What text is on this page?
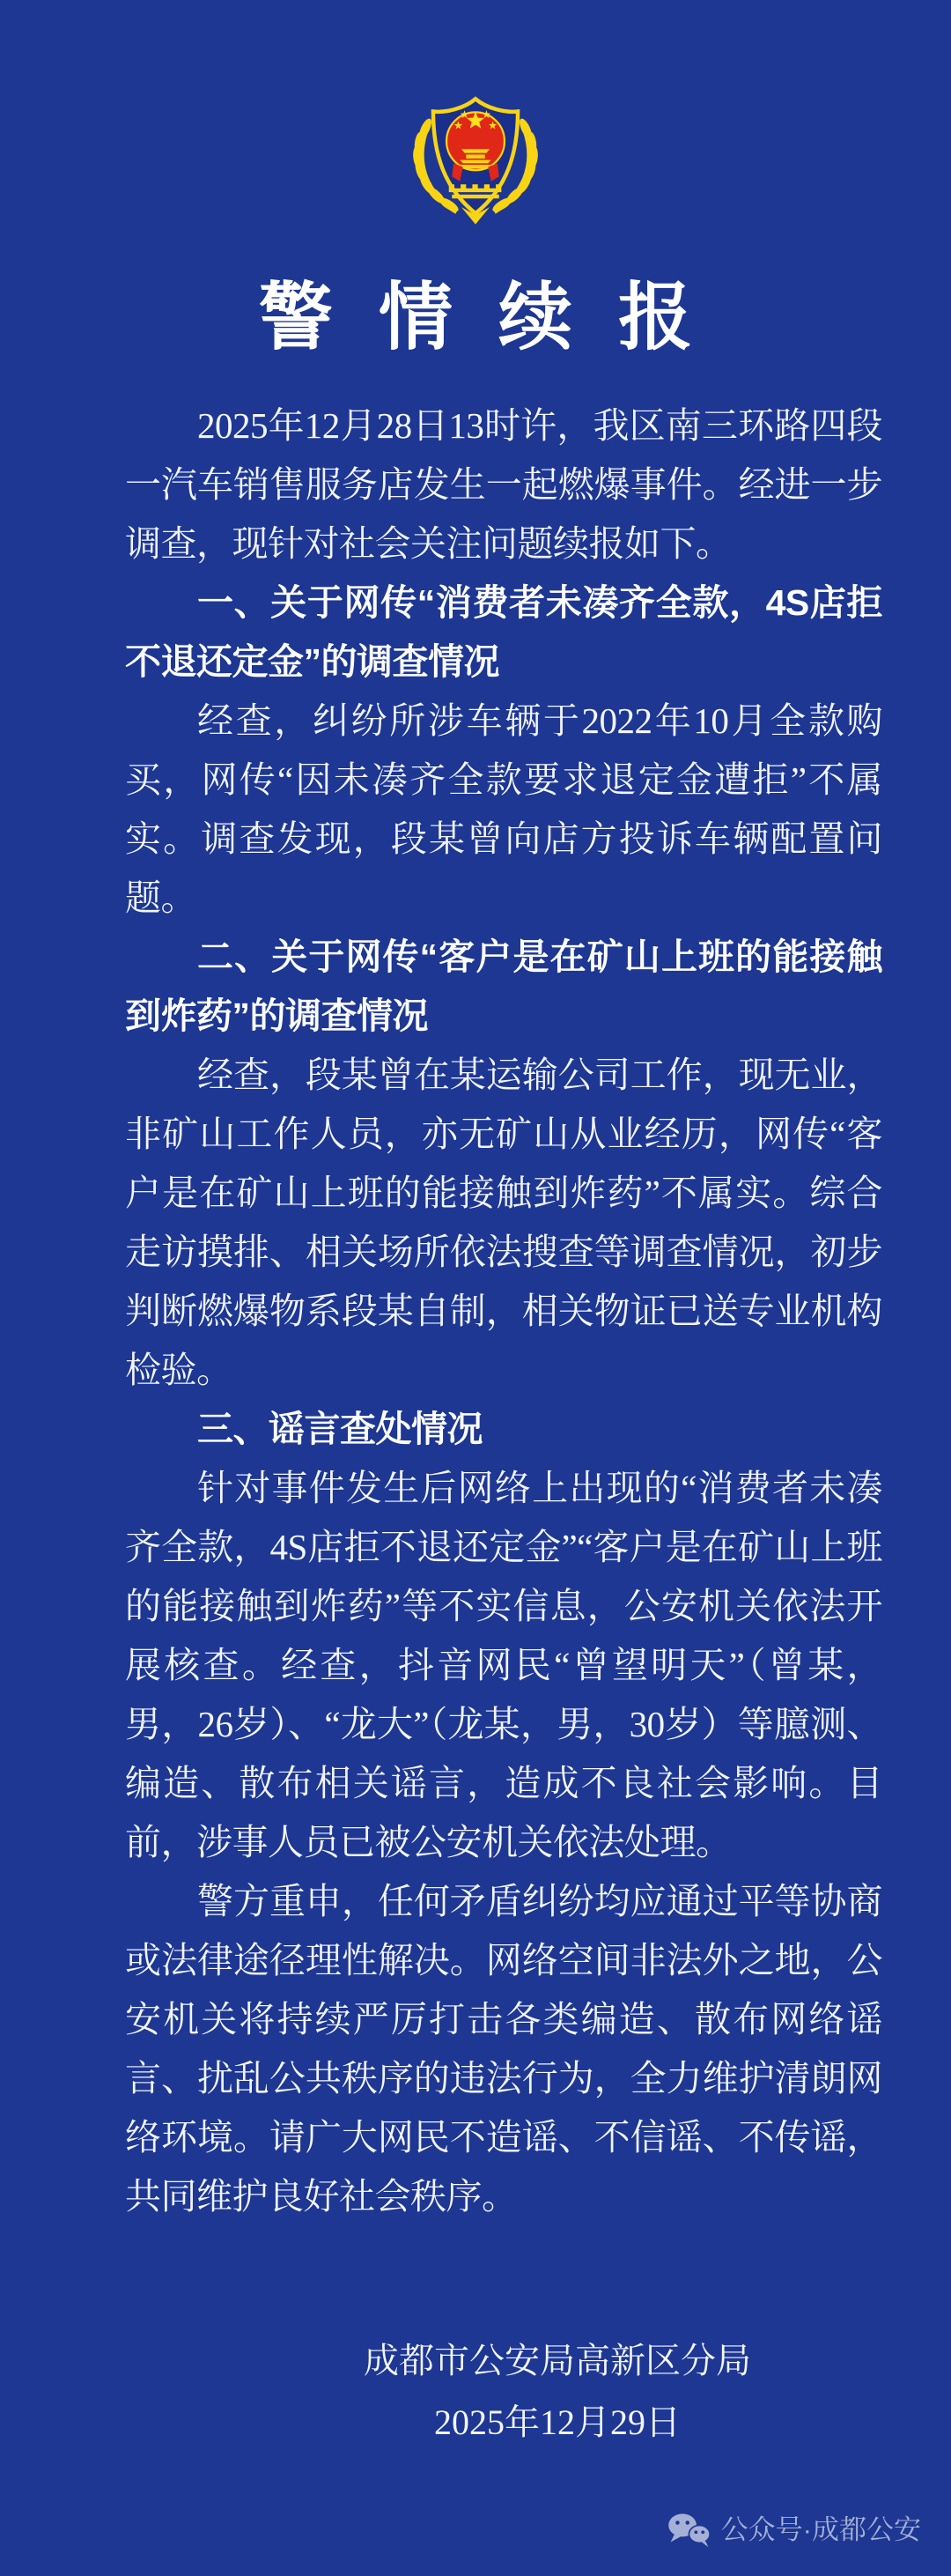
警情续报

2025年12月28日13时许，我区南三环路四段一汽车销售服务店发生一起燃爆事件。经进一步调查，现针对社会关注问题续报如下。

一、关于网传“消费者未凑齐全款，4S店拒不退还定金”的调查情况

经查，纠纷所涉车辆于2022年10月全款购买，网传“因未凑齐全款要求退定金遭拒”不属实。调查发现，段某曾向店方投诉车辆配置问题。

二、关于网传“客户是在矿山上班的能接触到炸药”的调查情况

经查，段某曾在某运输公司工作，现无业，非矿山工作人员，亦无矿山从业经历，网传“客户是在矿山上班的能接触到炸药”不属实。综合走访摸排、相关场所依法搜查等调查情况，初步判断燃爆物系段某自制，相关物证已送专业机构检验。

三、谣言查处情况

针对事件发生后网络上出现的“消费者未凑齐全款，4S店拒不退还定金”“客户是在矿山上班的能接触到炸药”等不实信息，公安机关依法开展核查。经查，抖音网民“曾望明天”（曾某，男，26岁）、“龙大”（龙某，男，30岁）等臆测、编造、散布相关谣言，造成不良社会影响。目前，涉事人员已被公安机关依法处理。

警方重申，任何矛盾纠纷均应通过平等协商或法律途径理性解决。网络空间非法外之地，公安机关将持续严厉打击各类编造、散布网络谣言、扰乱公共秩序的违法行为，全力维护清朗网络环境。请广大网民不造谣、不信谣、不传谣，共同维护良好社会秩序。

成都市公安局高新区分局
2025年12月29日
公众号·成都公安
